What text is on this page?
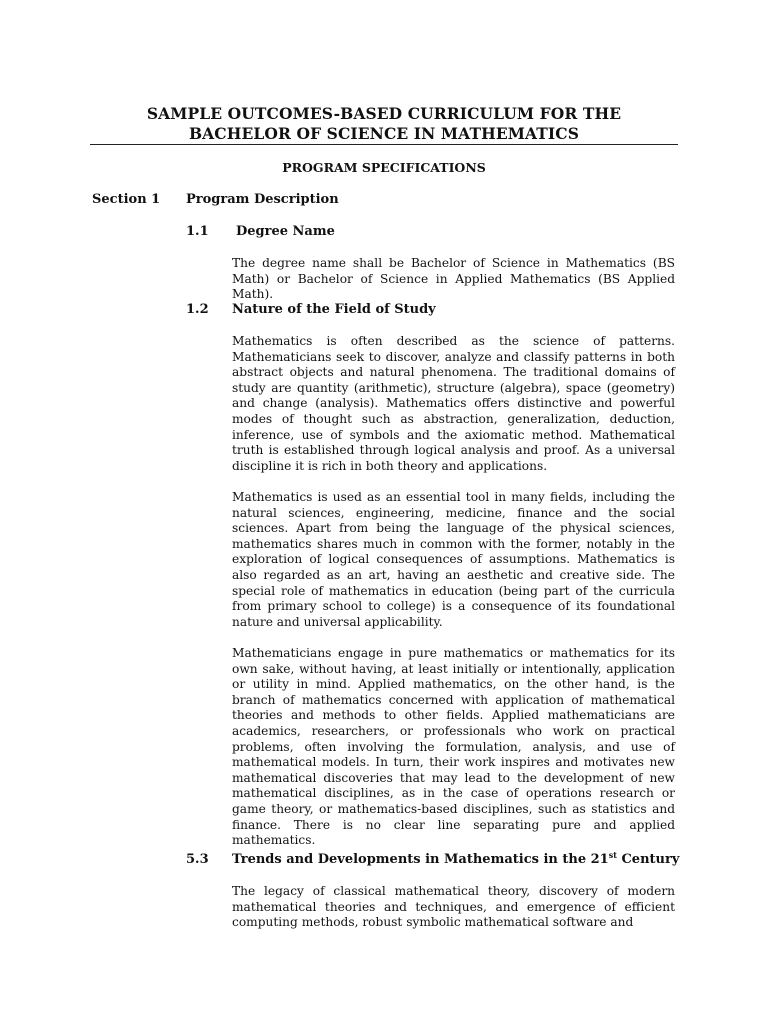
SAMPLE OUTCOMES-BASED CURRICULUM FOR THE
BACHELOR OF SCIENCE IN MATHEMATICS
PROGRAM SPECIFICATIONS
Section 1 Program Description
1.1 Degree Name

The degree name shall be Bachelor of Science in Mathematics (BS Math) or Bachelor of Science in Applied Mathematics (BS Applied Math).

1.2 Nature of the Field of Study

Mathematics is often described as the science of patterns. Mathematicians seek to discover, analyze and classify patterns in both abstract objects and natural phenomena. The traditional domains of study are quantity (arithmetic), structure (algebra), space (geometry) and change (analysis). Mathematics offers distinctive and powerful modes of thought such as abstraction, generalization, deduction, inference, use of symbols and the axiomatic method. Mathematical truth is established through logical analysis and proof. As a universal discipline it is rich in both theory and applications.

Mathematics is used as an essential tool in many fields, including the natural sciences, engineering, medicine, finance and the social sciences. Apart from being the language of the physical sciences, mathematics shares much in common with the former, notably in the exploration of logical consequences of assumptions. Mathematics is also regarded as an art, having an aesthetic and creative side. The special role of mathematics in education (being part of the curricula from primary school to college) is a consequence of its foundational nature and universal applicability.

Mathematicians engage in pure mathematics or mathematics for its own sake, without having, at least initially or intentionally, application or utility in mind. Applied mathematics, on the other hand, is the branch of mathematics concerned with application of mathematical theories and methods to other fields. Applied mathematicians are academics, researchers, or professionals who work on practical problems, often involving the formulation, analysis, and use of mathematical models. In turn, their work inspires and motivates new mathematical discoveries that may lead to the development of new mathematical disciplines, as in the case of operations research or game theory, or mathematics-based disciplines, such as statistics and finance. There is no clear line separating pure and applied mathematics.

5.3 Trends and Developments in Mathematics in the 21st Century

The legacy of classical mathematical theory, discovery of modern mathematical theories and techniques, and emergence of efficient computing methods, robust symbolic mathematical software and
